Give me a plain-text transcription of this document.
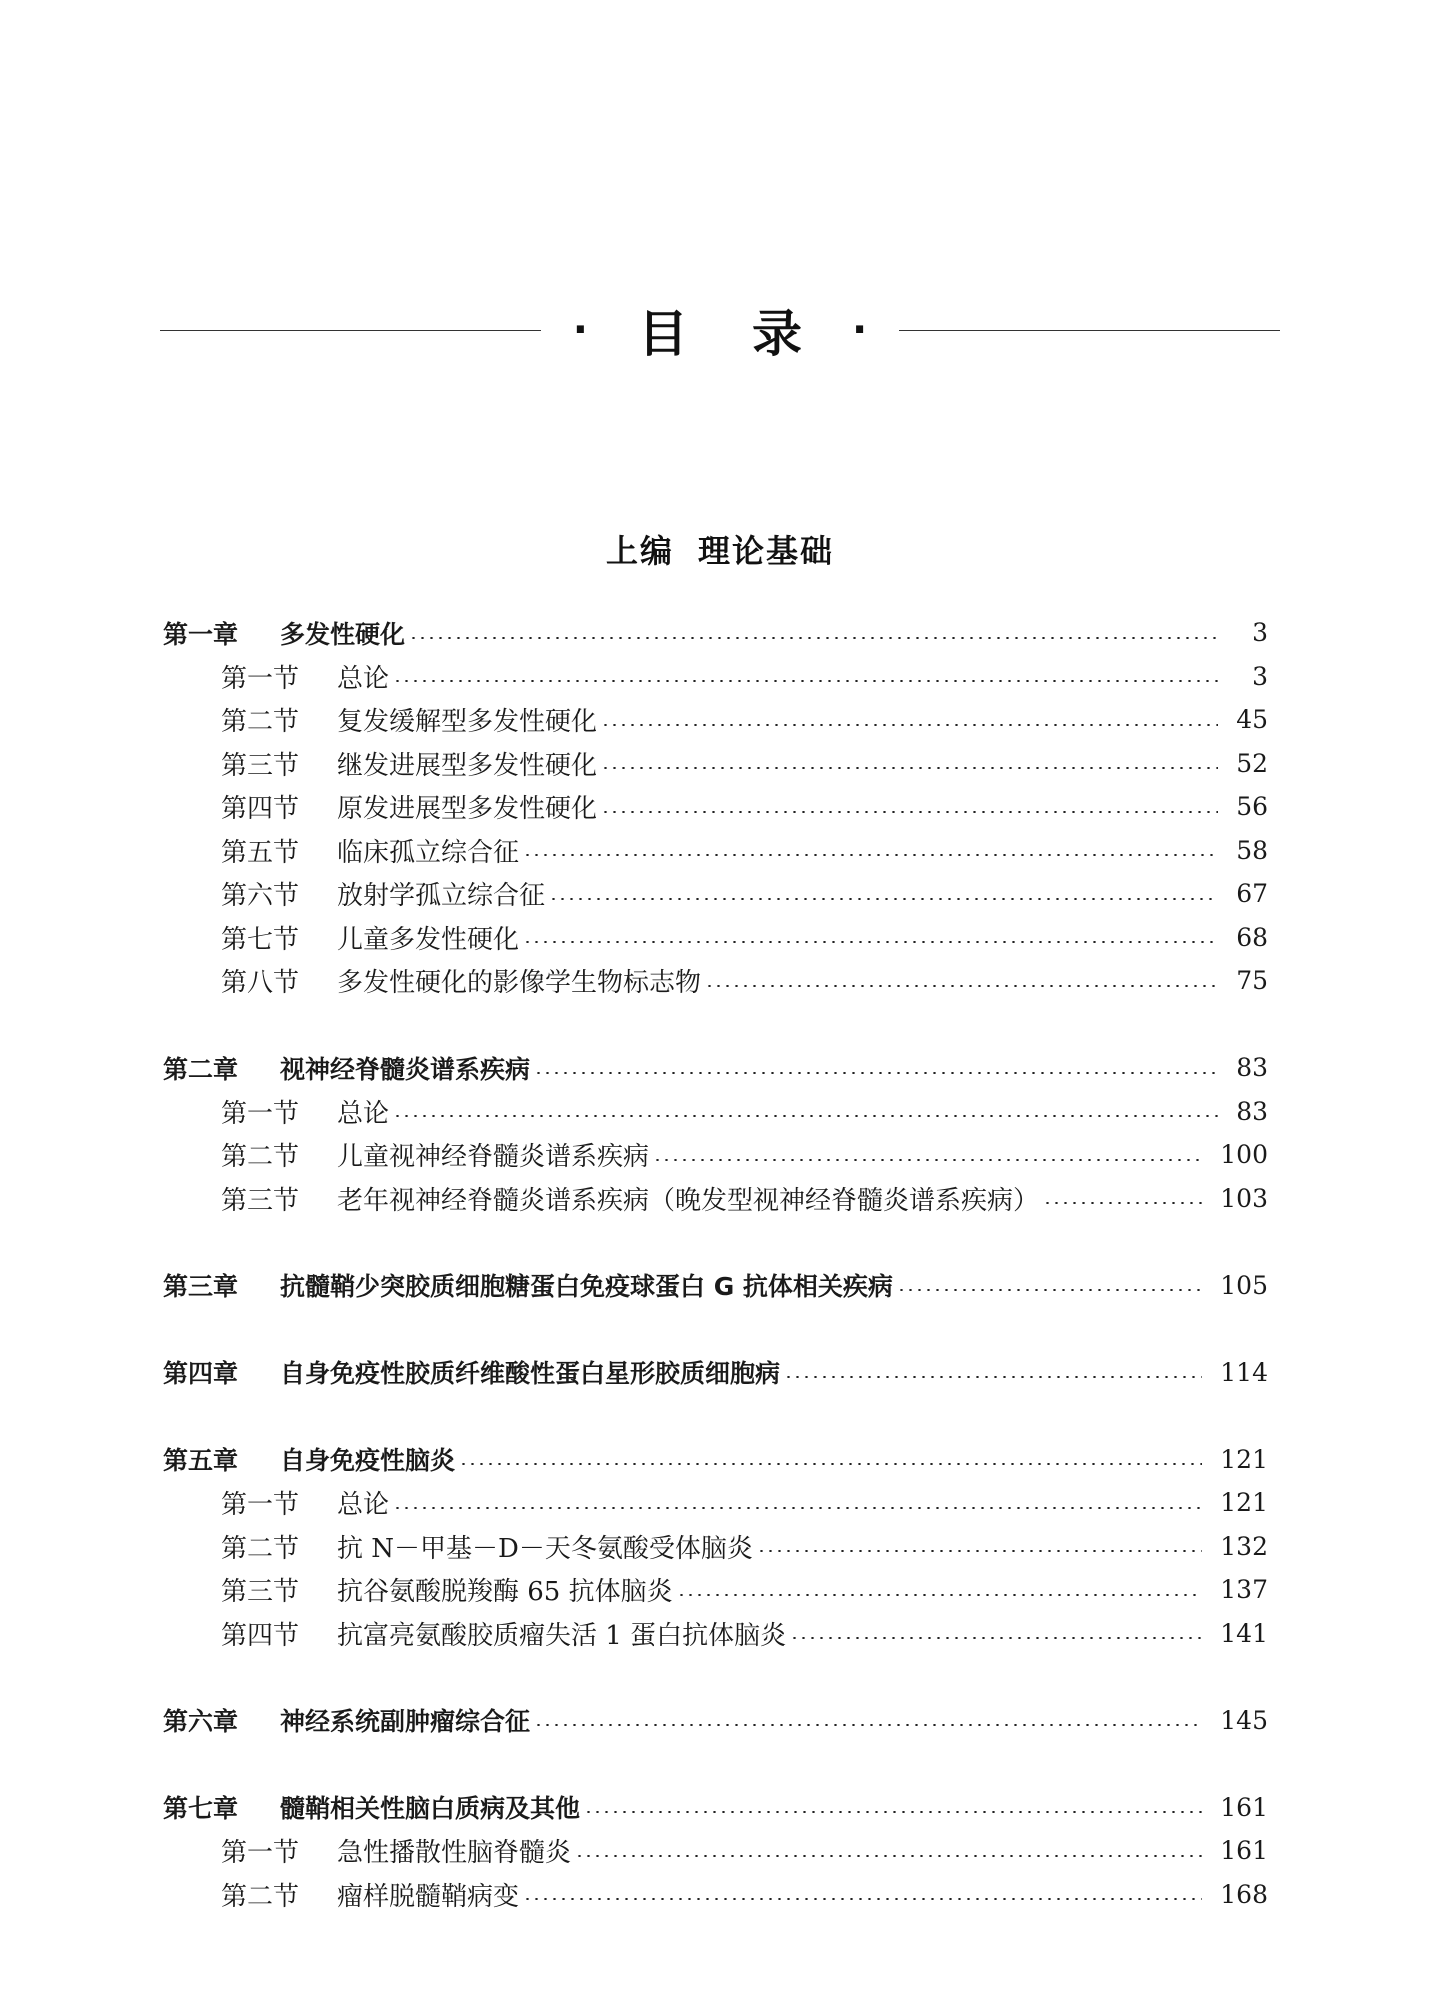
· 目 录 ·
上编 理论基础
第一章	多发性硬化	3
第一节	总论	3
第二节	复发缓解型多发性硬化	45
第三节	继发进展型多发性硬化	52
第四节	原发进展型多发性硬化	56
第五节	临床孤立综合征	58
第六节	放射学孤立综合征	67
第七节	儿童多发性硬化	68
第八节	多发性硬化的影像学生物标志物	75
第二章	视神经脊髓炎谱系疾病	83
第一节	总论	83
第二节	儿童视神经脊髓炎谱系疾病	100
第三节	老年视神经脊髓炎谱系疾病（晚发型视神经脊髓炎谱系疾病）	103
第三章	抗髓鞘少突胶质细胞糖蛋白免疫球蛋白 G 抗体相关疾病	105
第四章	自身免疫性胶质纤维酸性蛋白星形胶质细胞病	114
第五章	自身免疫性脑炎	121
第一节	总论	121
第二节	抗 N－甲基－D－天冬氨酸受体脑炎	132
第三节	抗谷氨酸脱羧酶 65 抗体脑炎	137
第四节	抗富亮氨酸胶质瘤失活 1 蛋白抗体脑炎	141
第六章	神经系统副肿瘤综合征	145
第七章	髓鞘相关性脑白质病及其他	161
第一节	急性播散性脑脊髓炎	161
第二节	瘤样脱髓鞘病变	168
